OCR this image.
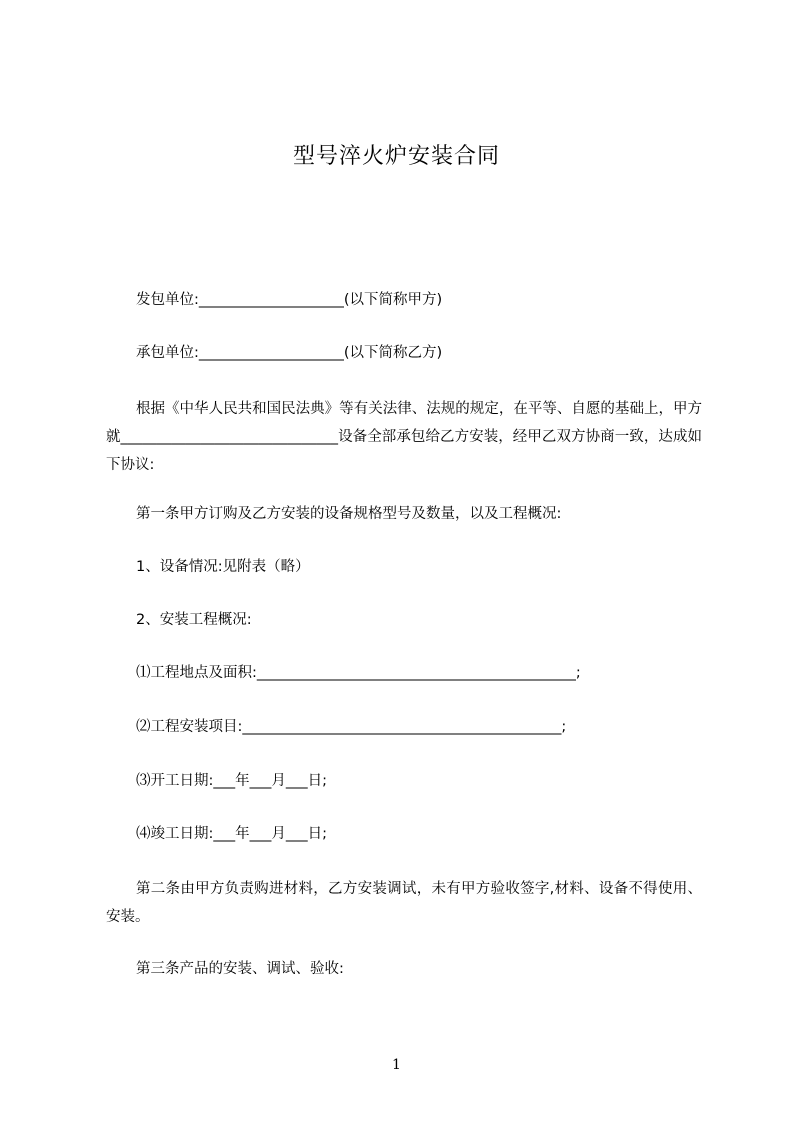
型号淬火炉安装合同
发包单位:____________________(以下简称甲方)
承包单位:____________________(以下简称乙方)
根据《中华人民共和国民法典》等有关法律、法规的规定，在平等、自愿的基础上，甲方就______________________________设备全部承包给乙方安装，经甲乙双方协商一致，达成如下协议:
第一条甲方订购及乙方安装的设备规格型号及数量，以及工程概况:
1、设备情况:见附表（略）
2、安装工程概况:
⑴工程地点及面积:____________________________________________;
⑵工程安装项目:____________________________________________;
⑶开工日期:___年___月___日;
⑷竣工日期:___年___月___日;
第二条由甲方负责购进材料，乙方安装调试，未有甲方验收签字,材料、设备不得使用、安装。
第三条产品的安装、调试、验收:
1
